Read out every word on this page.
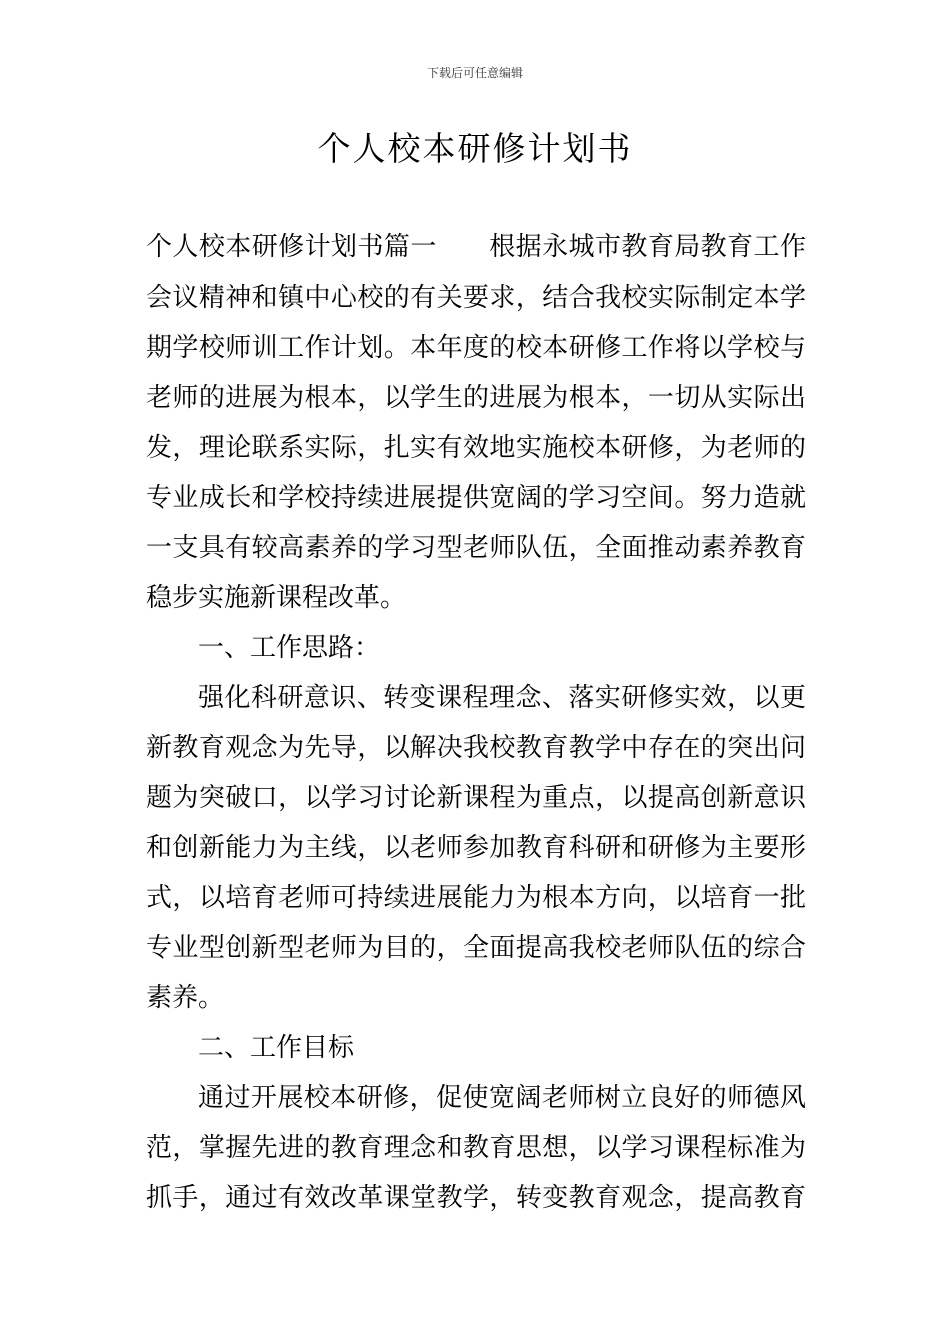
下载后可任意编辑
个人校本研修计划书
个人校本研修计划书篇一 根据永城市教育局教育工作
会议精神和镇中心校的有关要求，结合我校实际制定本学
期学校师训工作计划。本年度的校本研修工作将以学校与
老师的进展为根本，以学生的进展为根本，一切从实际出
发，理论联系实际，扎实有效地实施校本研修，为老师的
专业成长和学校持续进展提供宽阔的学习空间。努力造就
一支具有较高素养的学习型老师队伍，全面推动素养教育
稳步实施新课程改革。
一、工作思路：
强化科研意识、转变课程理念、落实研修实效，以更
新教育观念为先导，以解决我校教育教学中存在的突出问
题为突破口，以学习讨论新课程为重点，以提高创新意识
和创新能力为主线，以老师参加教育科研和研修为主要形
式，以培育老师可持续进展能力为根本方向，以培育一批
专业型创新型老师为目的，全面提高我校老师队伍的综合
素养。
二、工作目标
通过开展校本研修，促使宽阔老师树立良好的师德风
范，掌握先进的教育理念和教育思想，以学习课程标准为
抓手，通过有效改革课堂教学，转变教育观念，提高教育
